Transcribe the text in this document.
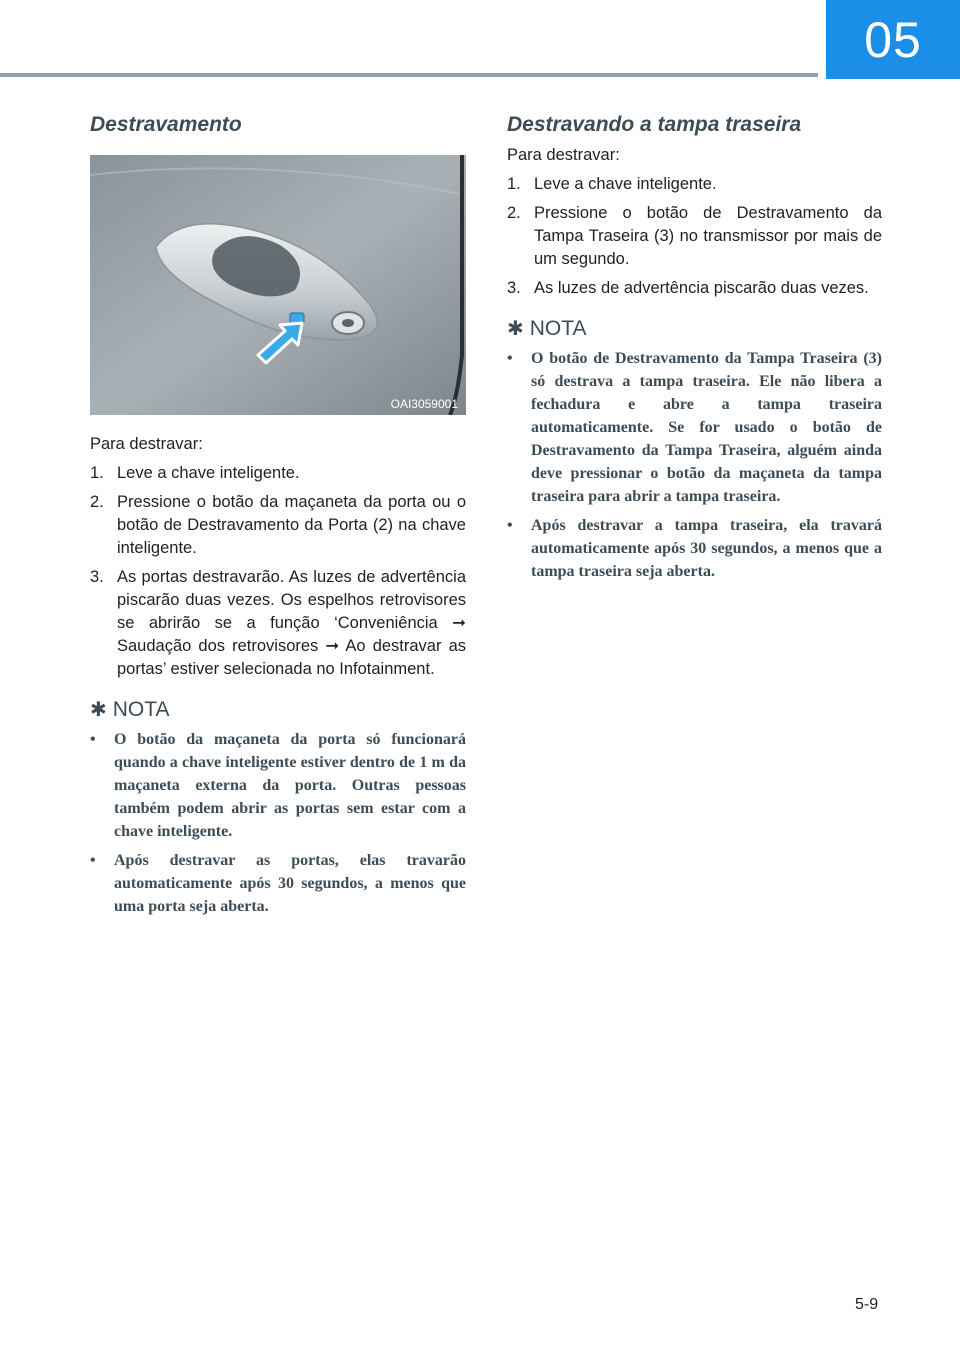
05
Destravamento
OAI3059001

Para destravar:

1. Leve a chave inteligente.
2. Pressione o botão da maçaneta da porta ou o botão de Destravamento da Porta (2) na chave inteligente.
3. As portas destravarão. As luzes de advertência piscarão duas vezes. Os espelhos retrovisores se abrirão se a função ‘Conveniência ➞ Saudação dos retrovisores ➞ Ao destravar as portas’ estiver selecionada no Infotainment.
✱ NOTA
•	O botão da maçaneta da porta só funcionará quando a chave inteligente estiver dentro de 1 m da maçaneta externa da porta. Outras pessoas também podem abrir as portas sem estar com a chave inteligente.
•	Após destravar as portas, elas travarão automaticamente após 30 segundos, a menos que uma porta seja aberta.
Destravando a tampa traseira

Para destravar:

1. Leve a chave inteligente.
2. Pressione o botão de Destravamento da Tampa Traseira (3) no transmissor por mais de um segundo.
3. As luzes de advertência piscarão duas vezes.
✱ NOTA
•	O botão de Destravamento da Tampa Traseira (3) só destrava a tampa traseira. Ele não libera a fechadura e abre a tampa traseira automaticamente. Se for usado o botão de Destravamento da Tampa Traseira, alguém ainda deve pressionar o botão da maçaneta da tampa traseira para abrir a tampa traseira.
•	Após destravar a tampa traseira, ela travará automaticamente após 30 segundos, a menos que a tampa traseira seja aberta.
5-9
